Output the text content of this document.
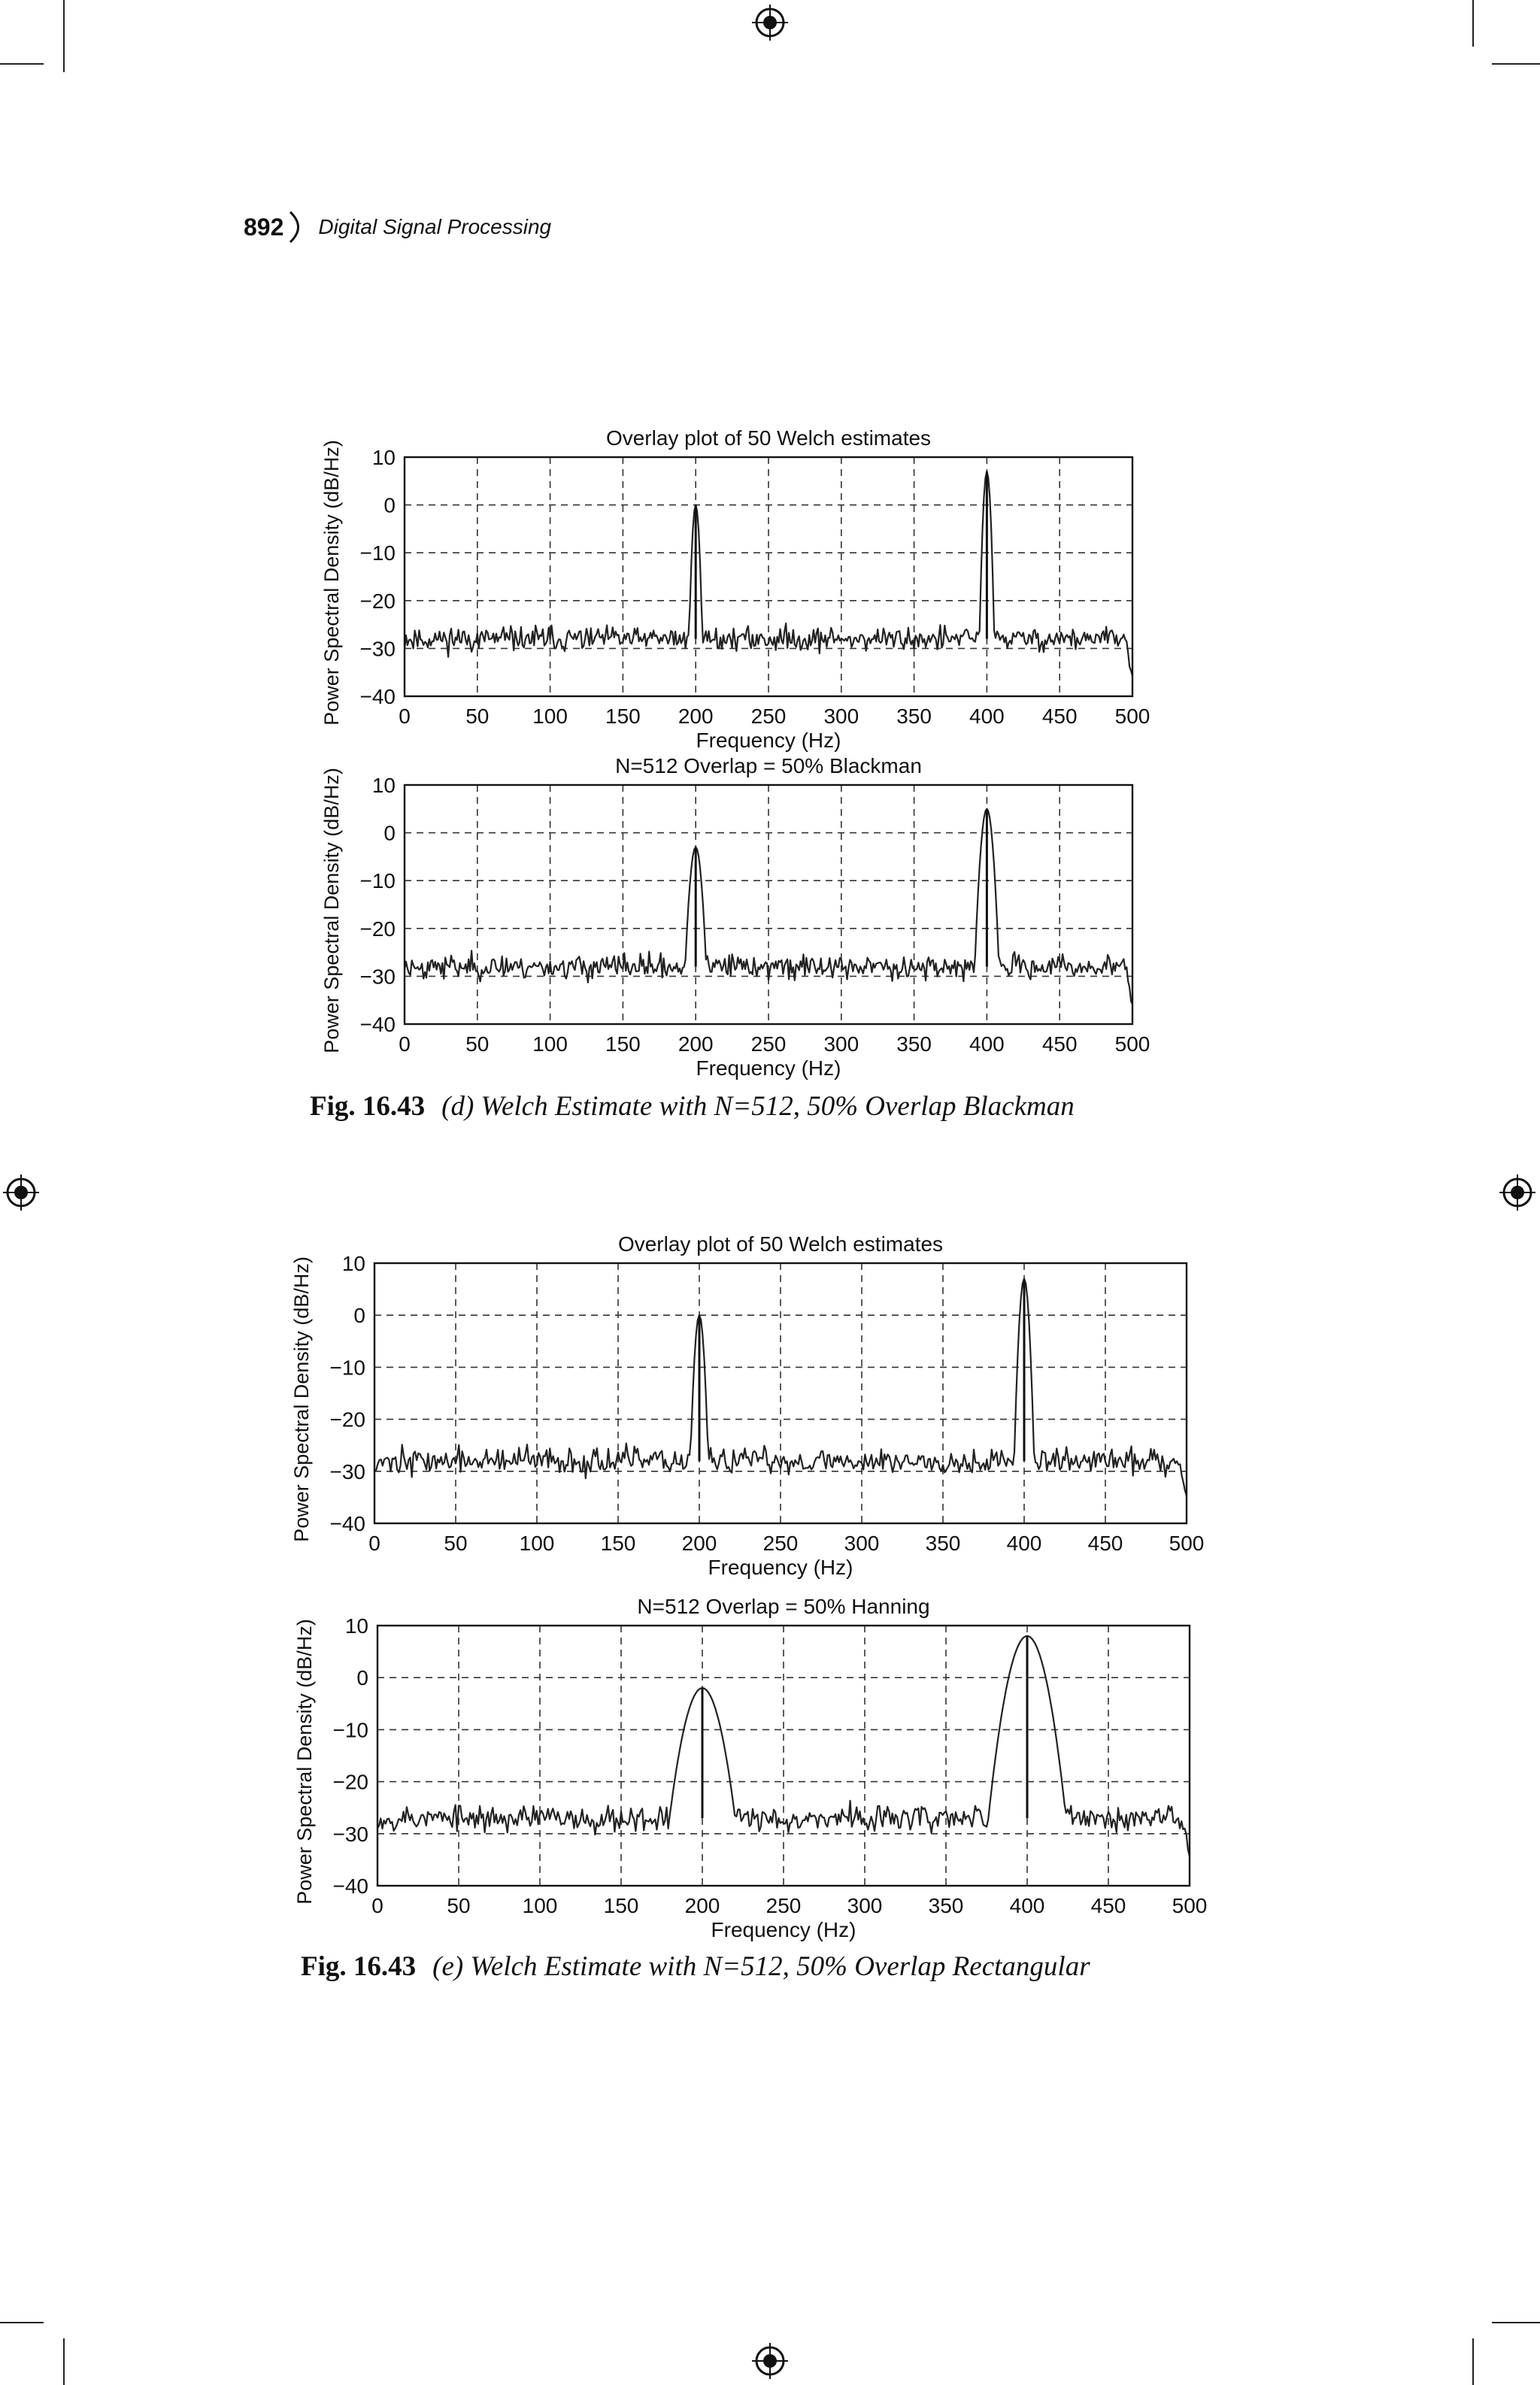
892 Digital Signal Processing
0	50 100 150 200 250 300 350 400 450 500
10
0
−10
−20
−30
−40
Overlay plot of 50 Welch estimates
Frequency (Hz)
Power Spectral Density (dB/Hz)
0	50 100 150 200 250 300 350 400 450 500
10
0
−10
−20
−30
−40
N=512 Overlap = 50% Blackman
Frequency (Hz)
Power Spectral Density (dB/Hz)
0	50 100 150 200 250 300 350 400 450 500
10
0
−10
−20
−30
−40
Overlay plot of 50 Welch estimates
Frequency (Hz)
Power Spectral Density (dB/Hz)
0	50 100 150 200 250 300 350 400 450 500
10
0
−10
−20
−30
−40
N=512 Overlap = 50% Hanning
Frequency (Hz)
Power Spectral Density (dB/Hz)
Fig. 16.43 (d) Welch Estimate with N=512, 50% Overlap Blackman
Fig. 16.43 (e) Welch Estimate with N=512, 50% Overlap Rectangular
